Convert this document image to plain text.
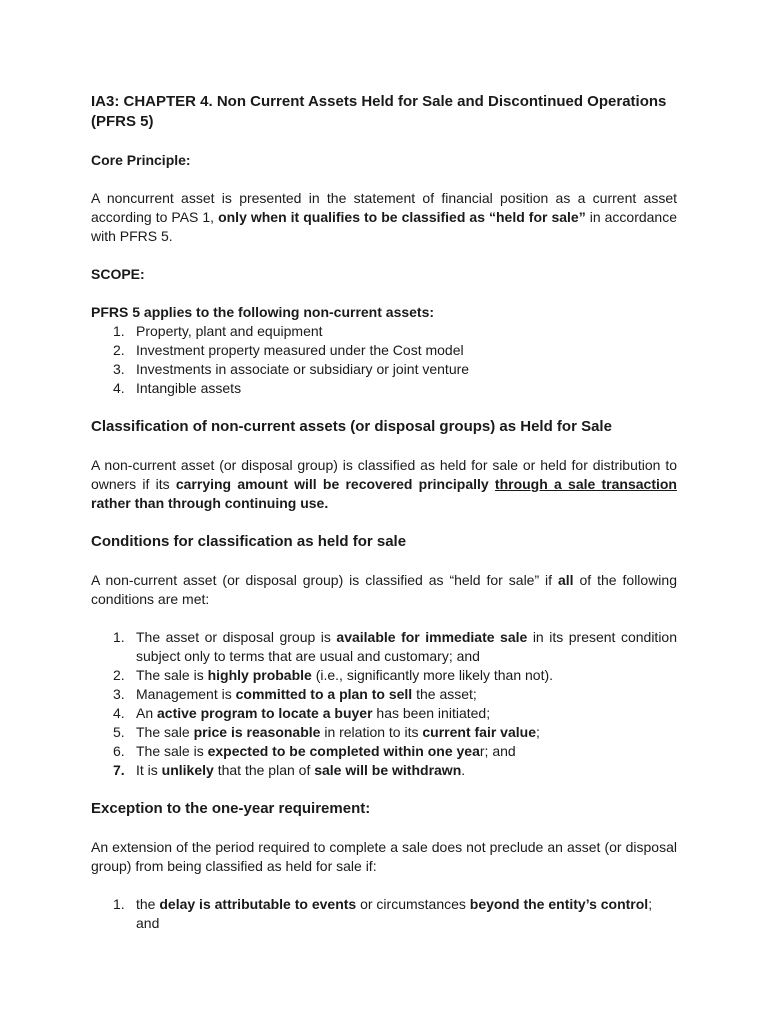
IA3: CHAPTER 4. Non Current Assets Held for Sale and Discontinued Operations (PFRS 5)

Core Principle:

A noncurrent asset is presented in the statement of financial position as a current asset according to PAS 1, only when it qualifies to be classified as “held for sale” in accordance with PFRS 5.

SCOPE:

PFRS 5 applies to the following non-current assets:

1. Property, plant and equipment
2. Investment property measured under the Cost model
3. Investments in associate or subsidiary or joint venture
4. Intangible assets
Classification of non-current assets (or disposal groups) as Held for Sale

A non-current asset (or disposal group) is classified as held for sale or held for distribution to owners if its carrying amount will be recovered principally through a sale transaction rather than through continuing use.

Conditions for classification as held for sale

A non-current asset (or disposal group) is classified as “held for sale” if all of the following conditions are met:

1. The asset or disposal group is available for immediate sale in its present condition subject only to terms that are usual and customary; and
2. The sale is highly probable (i.e., significantly more likely than not).
3. Management is committed to a plan to sell the asset;
4. An active program to locate a buyer has been initiated;
5. The sale price is reasonable in relation to its current fair value;
6. The sale is expected to be completed within one year; and
7. It is unlikely that the plan of sale will be withdrawn.
Exception to the one-year requirement:

An extension of the period required to complete a sale does not preclude an asset (or disposal group) from being classified as held for sale if:

1. the delay is attributable to events or circumstances beyond the entity’s control; and
